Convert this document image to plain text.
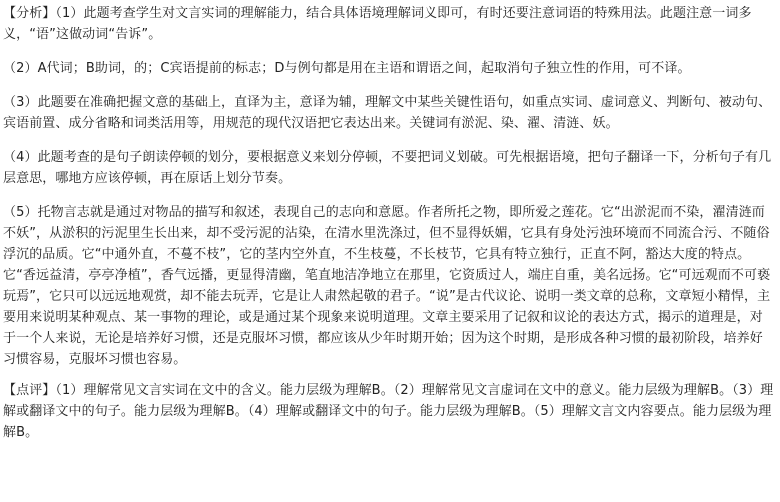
【分析】（1）此题考查学生对文言实词的理解能力，结合具体语境理解词义即可，有时还要注意词语的特殊用法。此题注意一词多义，“语”这做动词“告诉”。

（2）A代词；B助词，的；C宾语提前的标志；D与例句都是用在主语和谓语之间，起取消句子独立性的作用，可不译。

（3）此题要在准确把握文意的基础上，直译为主，意译为辅，理解文中某些关键性语句，如重点实词、虚词意义、判断句、被动句、宾语前置、成分省略和词类活用等，用规范的现代汉语把它表达出来。关键词有淤泥、染、濯、清涟、妖。

（4）此题考查的是句子朗读停顿的划分，要根据意义来划分停顿，不要把词义划破。可先根据语境，把句子翻译一下，分析句子有几层意思，哪地方应该停顿，再在原话上划分节奏。

（5）托物言志就是通过对物品的描写和叙述，表现自己的志向和意愿。作者所托之物，即所爱之莲花。它“出淤泥而不染，濯清涟而不妖”，从淤积的污泥里生长出来，却不受污泥的沾染，在清水里洗涤过，但不显得妖媚，它具有身处污浊环境而不同流合污、不随俗浮沉的品质。它“中通外直，不蔓不枝”，它的茎内空外直，不生枝蔓，不长枝节，它具有特立独行，正直不阿，豁达大度的特点。它“香远益清，亭亭净植”，香气远播，更显得清幽，笔直地洁净地立在那里，它资质过人，端庄自重，美名远扬。它“可远观而不可亵玩焉”，它只可以远远地观赏，却不能去玩弄，它是让人肃然起敬的君子。“说”是古代议论、说明一类文章的总称，文章短小精悍，主要用来说明某种观点、某一事物的理论，或是通过某个现象来说明道理。文章主要采用了记叙和议论的表达方式，揭示的道理是，对于一个人来说，无论是培养好习惯，还是克服坏习惯，都应该从少年时期开始；因为这个时期，是形成各种习惯的最初阶段，培养好习惯容易，克服坏习惯也容易。

【点评】（1）理解常见文言实词在文中的含义。能力层级为理解B。（2）理解常见文言虚词在文中的意义。能力层级为理解B。（3）理解或翻译文中的句子。能力层级为理解B。（4）理解或翻译文中的句子。能力层级为理解B。（5）理解文言文内容要点。能力层级为理解B。
